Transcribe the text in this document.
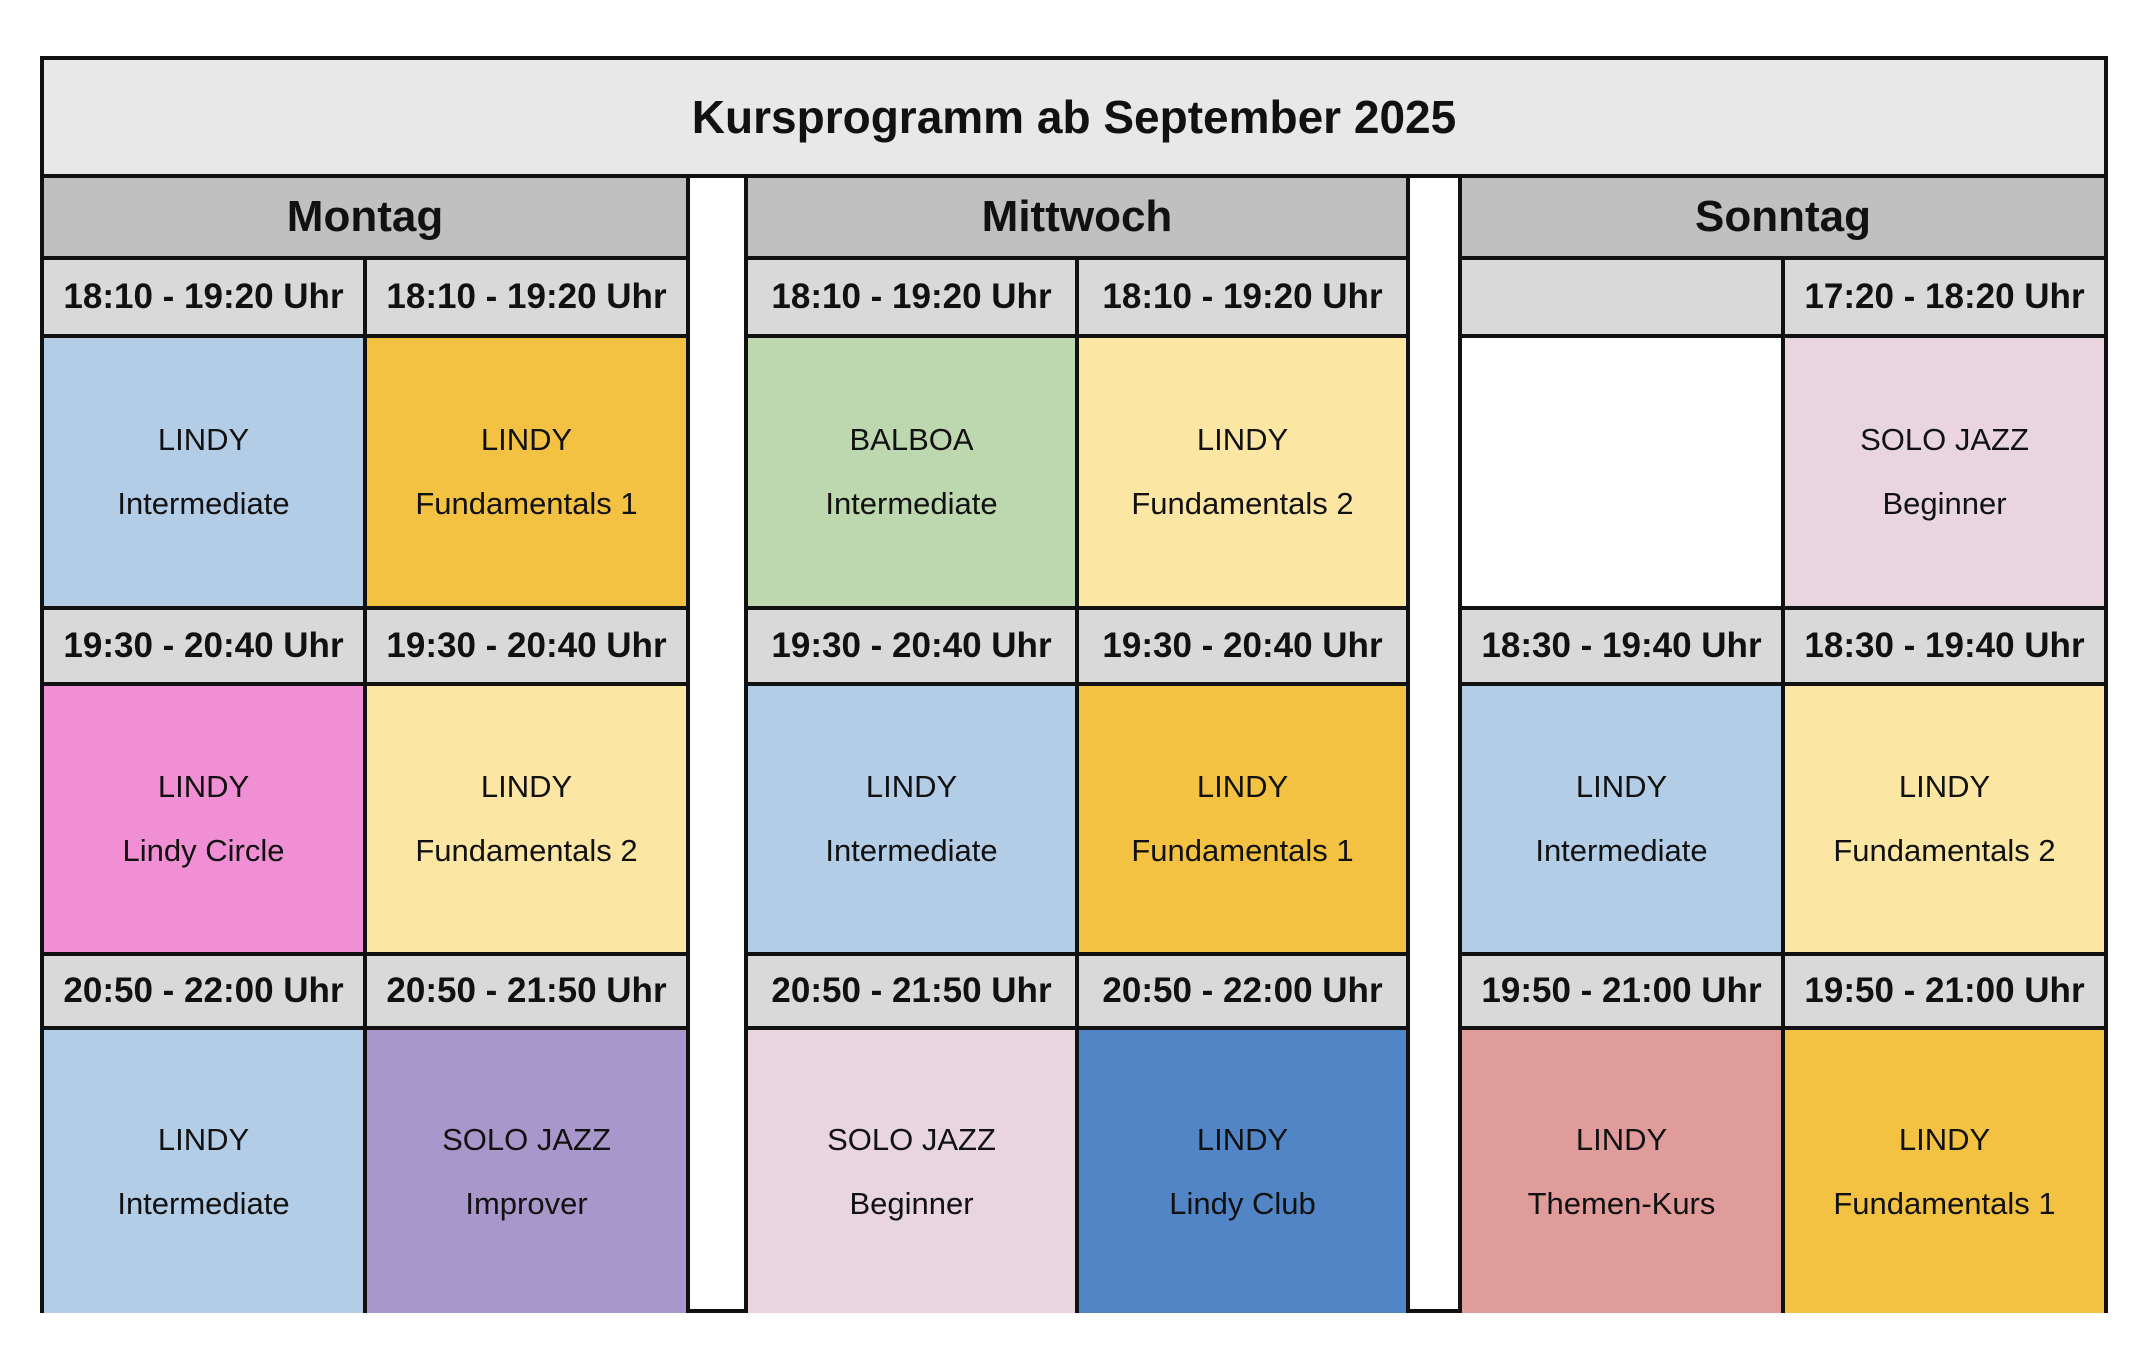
Kursprogramm ab September 2025
Montag
18:10 - 19:20 Uhr
LINDY
Intermediate
18:10 - 19:20 Uhr
LINDY
Fundamentals 1
19:30 - 20:40 Uhr
LINDY
Lindy Circle
19:30 - 20:40 Uhr
LINDY
Fundamentals 2
20:50 - 22:00 Uhr
LINDY
Intermediate
20:50 - 21:50 Uhr
SOLO JAZZ
Improver
Mittwoch
18:10 - 19:20 Uhr
BALBOA
Intermediate
18:10 - 19:20 Uhr
LINDY
Fundamentals 2
19:30 - 20:40 Uhr
LINDY
Intermediate
19:30 - 20:40 Uhr
LINDY
Fundamentals 1
20:50 - 21:50 Uhr
SOLO JAZZ
Beginner
20:50 - 22:00 Uhr
LINDY
Lindy Club
Sonntag
17:20 - 18:20 Uhr
SOLO JAZZ
Beginner
18:30 - 19:40 Uhr
LINDY
Intermediate
18:30 - 19:40 Uhr
LINDY
Fundamentals 2
19:50 - 21:00 Uhr
LINDY
Themen-Kurs
19:50 - 21:00 Uhr
LINDY
Fundamentals 1
